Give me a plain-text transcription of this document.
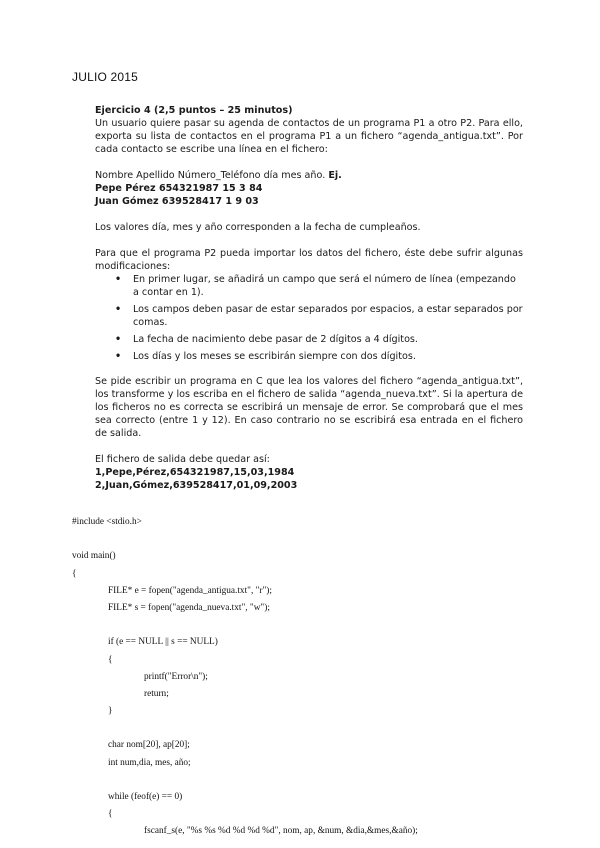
JULIO 2015

Ejercicio 4 (2,5 puntos – 25 minutos)

Un usuario quiere pasar su agenda de contactos de un programa P1 a otro P2. Para ello, exporta su lista de contactos en el programa P1 a un fichero “agenda_antigua.txt”. Por cada contacto se escribe una línea en el fichero:

Nombre Apellido Número_Teléfono día mes año. Ej.

Pepe Pérez 654321987 15 3 84

Juan Gómez 639528417 1 9 03

Los valores día, mes y año corresponden a la fecha de cumpleaños.

Para que el programa P2 pueda importar los datos del fichero, éste debe sufrir algunas modificaciones:

• En primer lugar, se añadirá un campo que será el número de línea (empezando a contar en 1).
• Los campos deben pasar de estar separados por espacios, a estar separados por comas.
• La fecha de nacimiento debe pasar de 2 dígitos a 4 dígitos.
• Los días y los meses se escribirán siempre con dos dígitos.

Se pide escribir un programa en C que lea los valores del fichero “agenda_antigua.txt”, los transforme y los escriba en el fichero de salida “agenda_nueva.txt”. Si la apertura de los ficheros no es correcta se escribirá un mensaje de error. Se comprobará que el mes sea correcto (entre 1 y 12). En caso contrario no se escribirá esa entrada en el fichero de salida.

El fichero de salida debe quedar así:

1,Pepe,Pérez,654321987,15,03,1984

2,Juan,Gómez,639528417,01,09,2003

#include <stdio.h>
void main()
{
FILE* e = fopen("agenda_antigua.txt", "r");
FILE* s = fopen("agenda_nueva.txt", "w");
if (e == NULL || s == NULL)
{
printf("Error\n");
return;
}
char nom[20], ap[20];
int num,dia, mes, año;
while (feof(e) == 0)
{
fscanf_s(e, "%s %s %d %d %d %d", nom, ap, &num, &dia,&mes,&año);
